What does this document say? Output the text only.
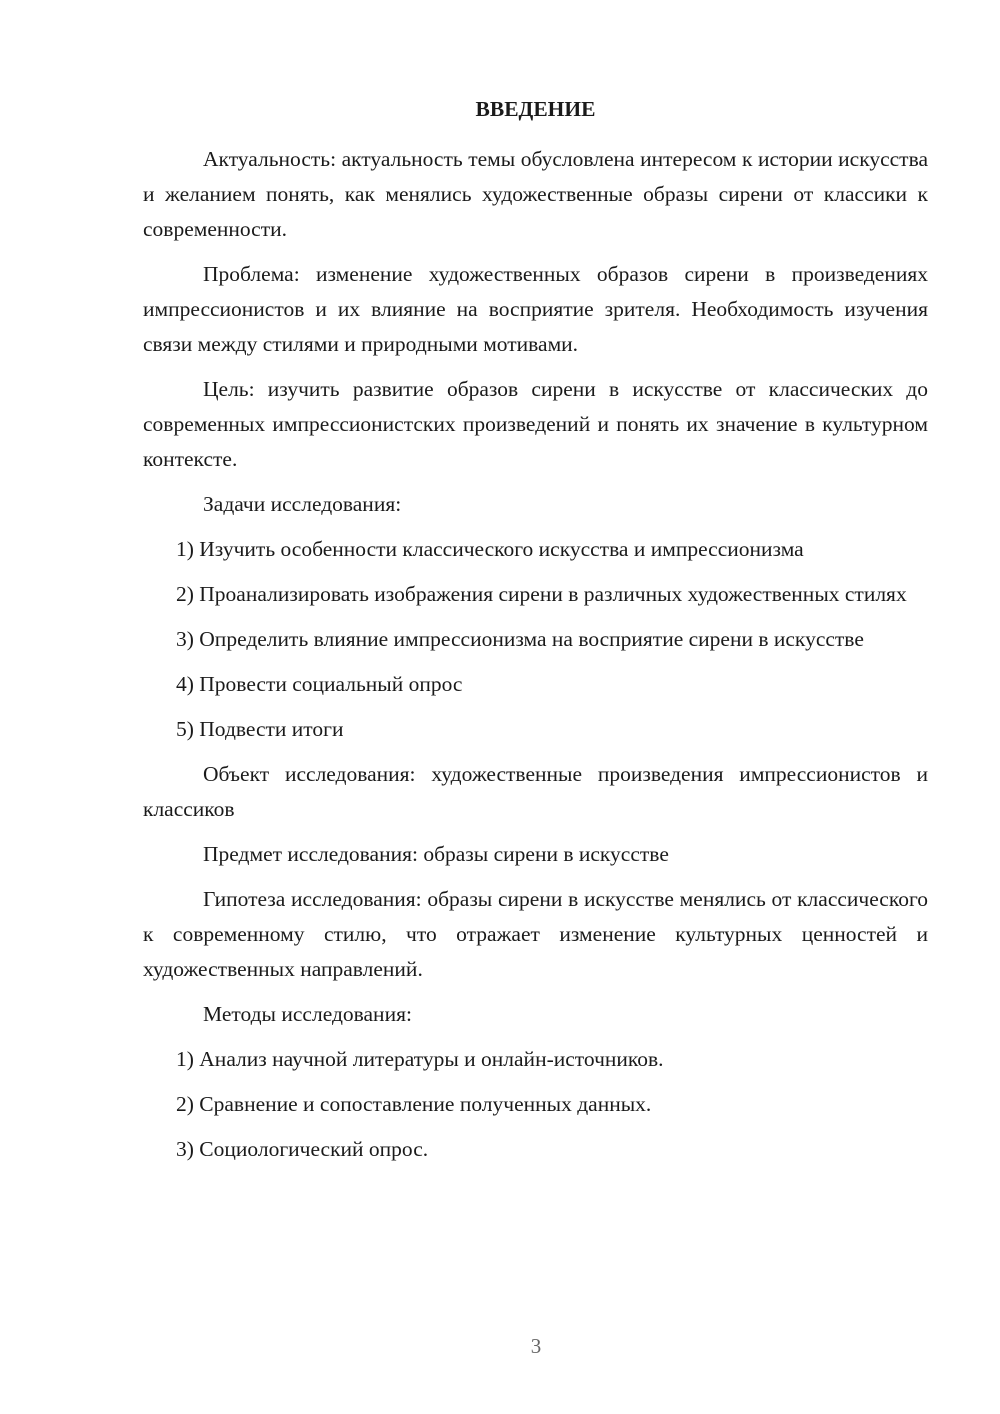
ВВЕДЕНИЕ

Актуальность: актуальность темы обусловлена интересом к истории искусства и желанием понять, как менялись художественные образы сирени от классики к современности.

Проблема: изменение художественных образов сирени в произведениях импрессионистов и их влияние на восприятие зрителя. Необходимость изучения связи между стилями и природными мотивами.

Цель: изучить развитие образов сирени в искусстве от классических до современных импрессионистских произведений и понять их значение в культурном контексте.

Задачи исследования:

1) Изучить особенности классического искусства и импрессионизма

2) Проанализировать изображения сирени в различных художественных стилях

3) Определить влияние импрессионизма на восприятие сирени в искусстве

4) Провести социальный опрос

5) Подвести итоги

Объект исследования: художественные произведения импрессионистов и классиков

Предмет исследования: образы сирени в искусстве

Гипотеза исследования: образы сирени в искусстве менялись от классического к современному стилю, что отражает изменение культурных ценностей и художественных направлений.

Методы исследования:

1) Анализ научной литературы и онлайн-источников.

2) Сравнение и сопоставление полученных данных.

3) Социологический опрос.

3
